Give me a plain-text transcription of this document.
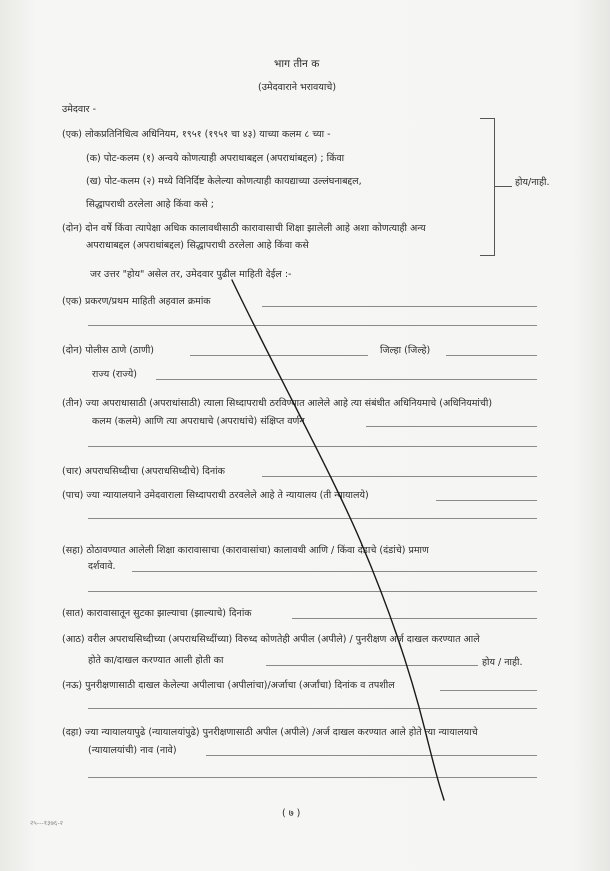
भाग तीन क
(उमेदवाराने भरावयाचे)
उमेदवार -
(एक) लोकप्रतिनिधित्व अधिनियम, १९५१ (१९५१ चा ४३) याच्या कलम ८ च्या -
(क) पोट-कलम (१) अन्वये कोणत्याही अपराधाबद्दल (अपराधांबद्दल) ; किंवा
(ख) पोट-कलम (२) मध्ये विनिर्दिष्ट केलेल्या कोणत्याही कायद्याच्या उल्लंघनाबद्दल,
सिद्धापराधी ठरलेला आहे किंवा कसे ;
(दोन) दोन वर्षे किंवा त्यापेक्षा अधिक कालावधीसाठी कारावासाची शिक्षा झालेली आहे अशा कोणत्याही अन्य
अपराधाबद्दल (अपराधांबद्दल) सिद्धापराधी ठरलेला आहे किंवा कसे
होय/नाही.
जर उत्तर "होय" असेल तर, उमेदवार पुढील माहिती देईल :-
(एक) प्रकरण/प्रथम माहिती अहवाल क्रमांक
(दोन) पोलीस ठाणे (ठाणी)	जिल्हा (जिल्हे)
राज्य (राज्ये)
(तीन) ज्या अपराधासाठी (अपराधांसाठी) त्याला सिध्दापराधी ठरविण्यात आलेले आहे त्या संबंधीत अधिनियमाचे (अधिनियमांची)
कलम (कलमे) आणि त्या अपराधाचे (अपराधांचे) संक्षिप्त वर्णन
(चार) अपराधसिध्दीचा (अपराधसिध्दीचे) दिनांक
(पाच) ज्या न्यायालयाने उमेदवाराला सिध्दापराधी ठरवलेले आहे ते न्यायालय (ती न्यायालये)
(सहा) ठोठावण्यात आलेली शिक्षा कारावासाचा (कारावासांचा) कालावधी आणि / किंवा दंडाचे (दंडांचे) प्रमाण
दर्शवावे.
(सात) कारावासातून सुटका झाल्याचा (झाल्याचे) दिनांक
(आठ) वरील अपराधसिध्दीच्या (अपराधसिध्दींच्या) विरुध्द कोणतेही अपील (अपीले) / पुनरीक्षण अर्ज दाखल करण्यात आले
होते का/दाखल करण्यात आली होती का	होय / नाही.
(नऊ) पुनरीक्षणासाठी दाखल केलेल्या अपीलाचा (अपीलांचा)/अर्जाचा (अर्जांचा) दिनांक व तपशील
(दहा) ज्या न्यायालयापुढे (न्यायालयांपुढे) पुनरीक्षणासाठी अपील (अपीले) /अर्ज दाखल करण्यात आले होते त्या न्यायालयाचे
(न्यायालयांची) नाव (नावे)
( ७ )
२५---१३७६-२
